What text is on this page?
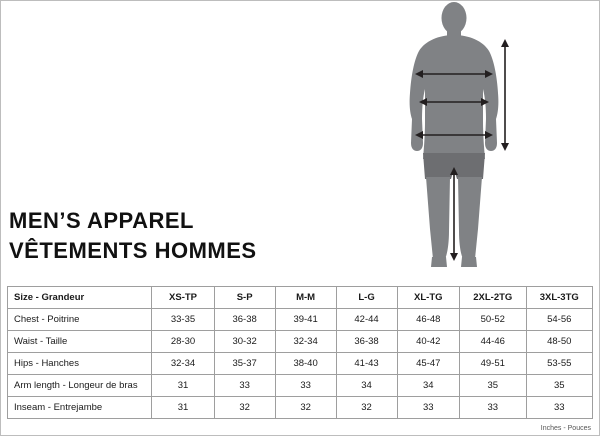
MEN’S APPAREL
VÊTEMENTS HOMMES
Size - Grandeur	XS-TP	S-P	M-M	L-G	XL-TG	2XL-2TG	3XL-3TG
Chest - Poitrine	33-35	36-38	39-41	42-44	46-48	50-52	54-56
Waist - Taille	28-30	30-32	32-34	36-38	40-42	44-46	48-50
Hips - Hanches	32-34	35-37	38-40	41-43	45-47	49-51	53-55
Arm length - Longeur de bras	31	33	33	34	34	35	35
Inseam - Entrejambe	31	32	32	32	33	33	33
Inches - Pouces
